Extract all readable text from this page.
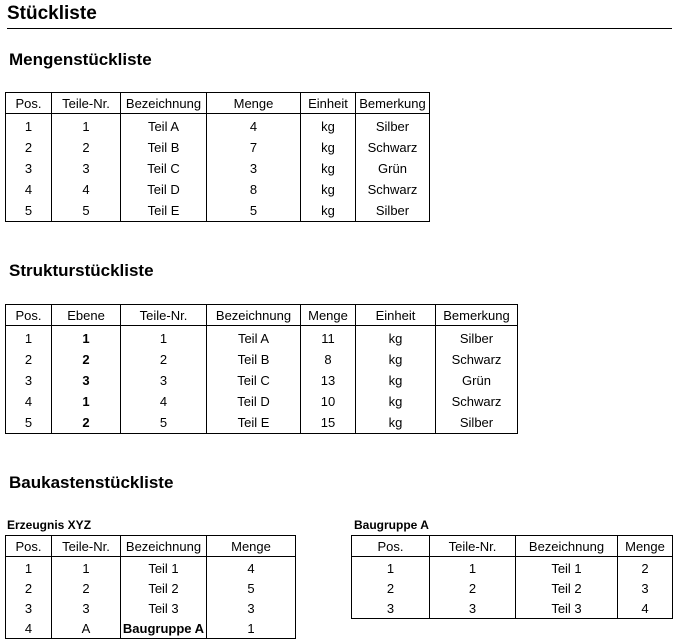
Stückliste
Mengenstückliste
Pos.	Teile-Nr.	Bezeichnung	Menge	Einheit	Bemerkung
1	1	Teil A	4	kg	Silber
2	2	Teil B	7	kg	Schwarz
3	3	Teil C	3	kg	Grün
4	4	Teil D	8	kg	Schwarz
5	5	Teil E	5	kg	Silber
Strukturstückliste
Pos.	Ebene	Teile-Nr.	Bezeichnung	Menge	Einheit	Bemerkung
1	1	1	Teil A	11	kg	Silber
2	2	2	Teil B	8	kg	Schwarz
3	3	3	Teil C	13	kg	Grün
4	1	4	Teil D	10	kg	Schwarz
5	2	5	Teil E	15	kg	Silber
Baukastenstückliste
Erzeugnis XYZ
Pos.	Teile-Nr.	Bezeichnung	Menge
1	1	Teil 1	4
2	2	Teil 2	5
3	3	Teil 3	3
4	A	Baugruppe A	1
Baugruppe A
Pos.	Teile-Nr.	Bezeichnung	Menge
1	1	Teil 1	2
2	2	Teil 2	3
3	3	Teil 3	4
